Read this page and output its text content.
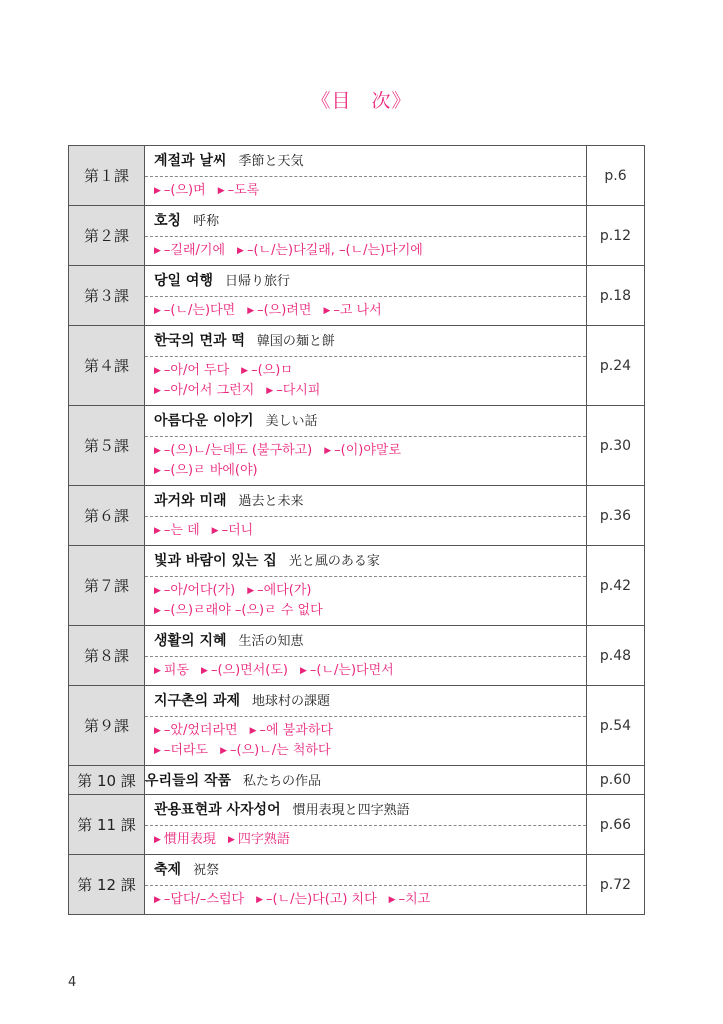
《目　次》
第１課	계절과 날씨 季節と天気
▶ –(으)며 ▶ –도록	p.6
第２課	호칭 呼称
▶ –길래/기에 ▶ –(ㄴ/는)다길래, –(ㄴ/는)다기에	p.12
第３課	당일 여행 日帰り旅行
▶ –(ㄴ/는)다면 ▶ –(으)려면 ▶ –고 나서	p.18
第４課	한국의 면과 떡 韓国の麺と餅
▶ –아/어 두다 ▶ –(으)ㅁ
▶ –아/어서 그런지 ▶ –다시피	p.24
第５課	아름다운 이야기 美しい話
▶ –(으)ㄴ/는데도 (불구하고) ▶ –(이)야말로
▶ –(으)ㄹ 바에(야)	p.30
第６課	과거와 미래 過去と未来
▶ –는 데 ▶ –더니	p.36
第７課	빛과 바람이 있는 집 光と風のある家
▶ –아/어다(가) ▶ –에다(가)
▶ –(으)ㄹ래야 –(으)ㄹ 수 없다	p.42
第８課	생활의 지혜 生活の知恵
▶ 피동 ▶ –(으)면서(도) ▶ –(ㄴ/는)다면서	p.48
第９課	지구촌의 과제 地球村の課題
▶ –았/었더라면 ▶ –에 불과하다
▶ –더라도 ▶ –(으)ㄴ/는 척하다	p.54
第 10 課	우리들의 작품 私たちの作品	p.60
第 11 課	관용표현과 사자성어 慣用表現と四字熟語
▶ 慣用表現 ▶ 四字熟語	p.66
第 12 課	축제 祝祭
▶ –답다/–스럽다 ▶ –(ㄴ/는)다(고) 치다 ▶ –치고	p.72
4
